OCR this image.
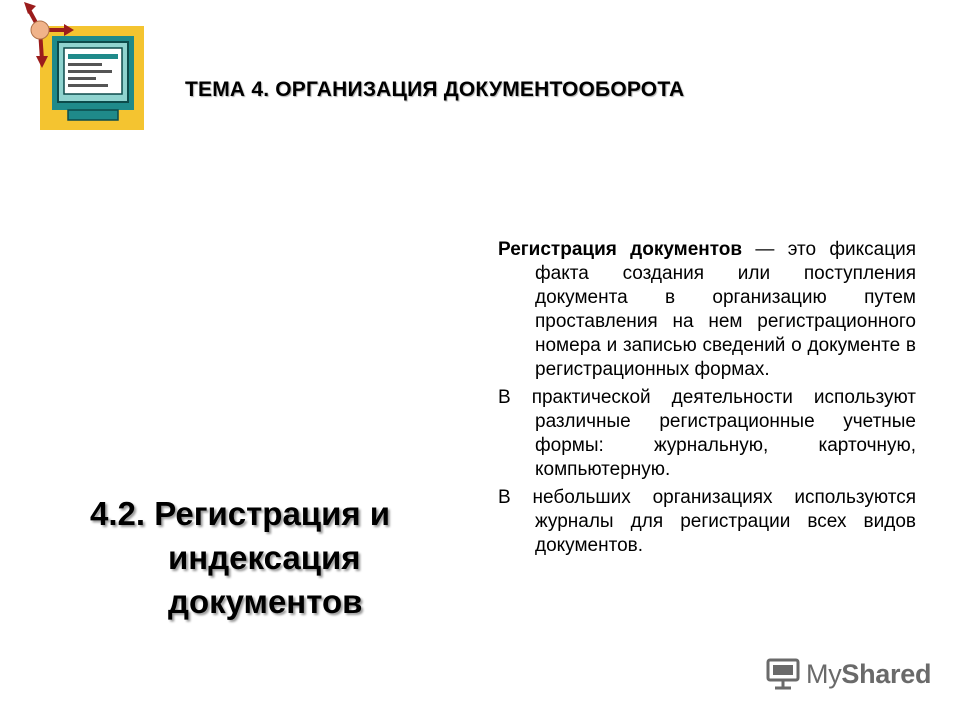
ТЕМА 4. ОРГАНИЗАЦИЯ ДОКУМЕНТООБОРОТА
4.2. Регистрация и
индексация
документов

Регистрация документов — это фиксация факта создания или поступления документа в организацию путем проставления на нем регистрационного номера и записью сведений о документе в регистрационных формах.

В практической деятельности используют различные регистрационные учетные формы: журнальную, карточную, компьютерную.

В небольших организациях используются журналы для регистрации всех видов документов.

MyShared
